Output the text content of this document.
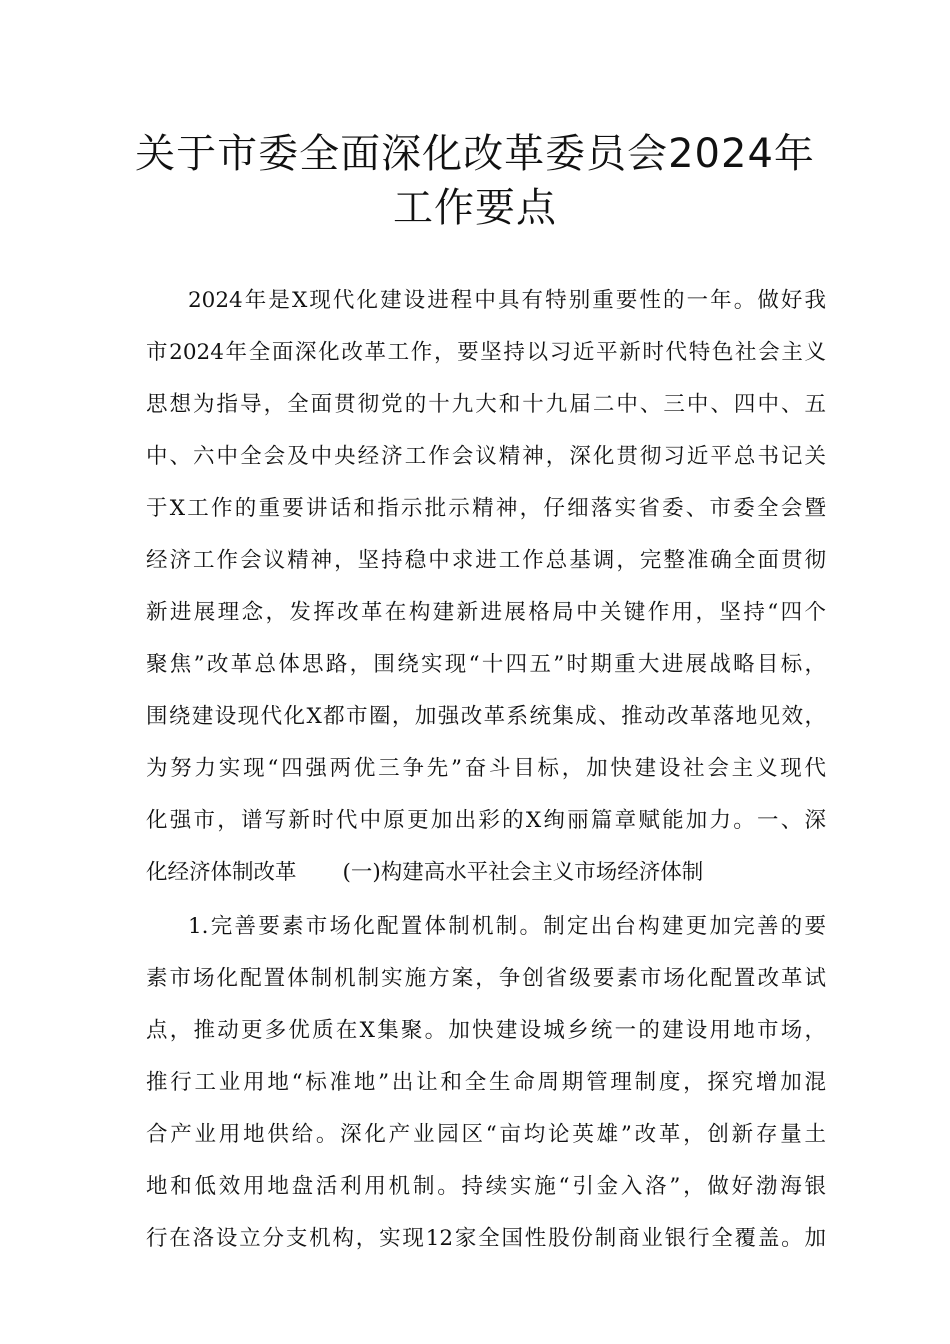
关于市委全面深化改革委员会2024年
工作要点
2024年是X现代化建设进程中具有特别重要性的一年。做好我
市2024年全面深化改革工作，要坚持以习近平新时代特色社会主义
思想为指导，全面贯彻党的十九大和十九届二中、三中、四中、五
中、六中全会及中央经济工作会议精神，深化贯彻习近平总书记关
于X工作的重要讲话和指示批示精神，仔细落实省委、市委全会暨
经济工作会议精神，坚持稳中求进工作总基调，完整准确全面贯彻
新进展理念，发挥改革在构建新进展格局中关键作用，坚持“四个
聚焦”改革总体思路，围绕实现“十四五”时期重大进展战略目标，
围绕建设现代化X都市圈，加强改革系统集成、推动改革落地见效，
为努力实现“四强两优三争先”奋斗目标，加快建设社会主义现代
化强市，谱写新时代中原更加出彩的X绚丽篇章赋能加力。一、深
化经济体制改革 (一)构建高水平社会主义市场经济体制
1.完善要素市场化配置体制机制。制定出台构建更加完善的要
素市场化配置体制机制实施方案，争创省级要素市场化配置改革试
点，推动更多优质在X集聚。加快建设城乡统一的建设用地市场，
推行工业用地“标准地”出让和全生命周期管理制度，探究增加混
合产业用地供给。深化产业园区“亩均论英雄”改革，创新存量土
地和低效用地盘活利用机制。持续实施“引金入洛”，做好渤海银
行在洛设立分支机构，实现12家全国性股份制商业银行全覆盖。加
